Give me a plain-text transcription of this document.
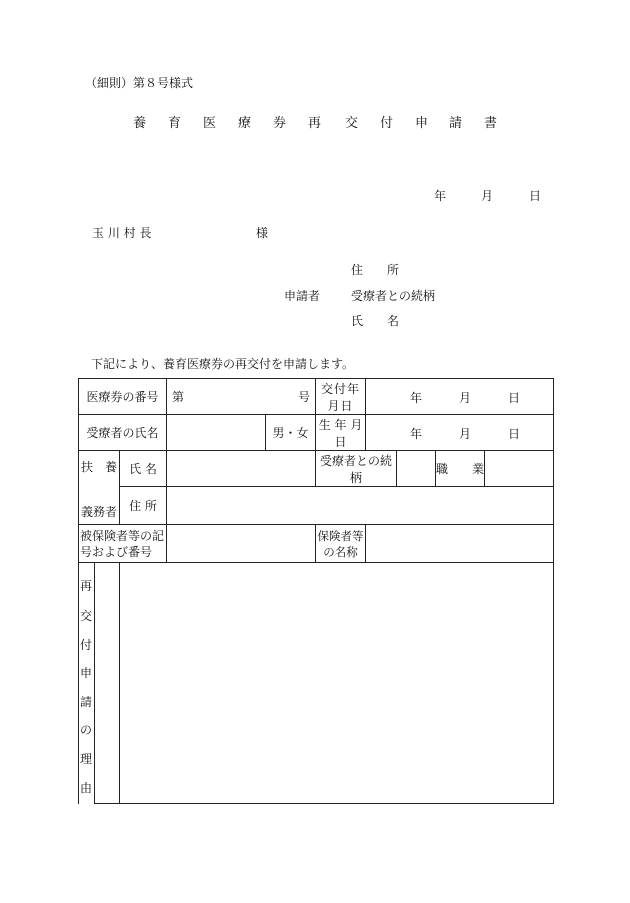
（細則）第８号様式
養 育 医 療 券 再 交 付 申 請 書
年	月	日
玉 川 村 長	様
住　　所
申請者	受療者との続柄
氏　　名
下記により、養育医療券の再交付を申請します。
医療券の番号		第 号		交付年月日	年 月 日			

受療者の氏名			男・女	生 年 月 日	年 月 日			

扶　養
義務者	氏 名			受療者との続柄			職　　業	
	住 所							
被保険者等の記号および番号				保険者等の名称				

再
交
付
申
請
の
理
由
